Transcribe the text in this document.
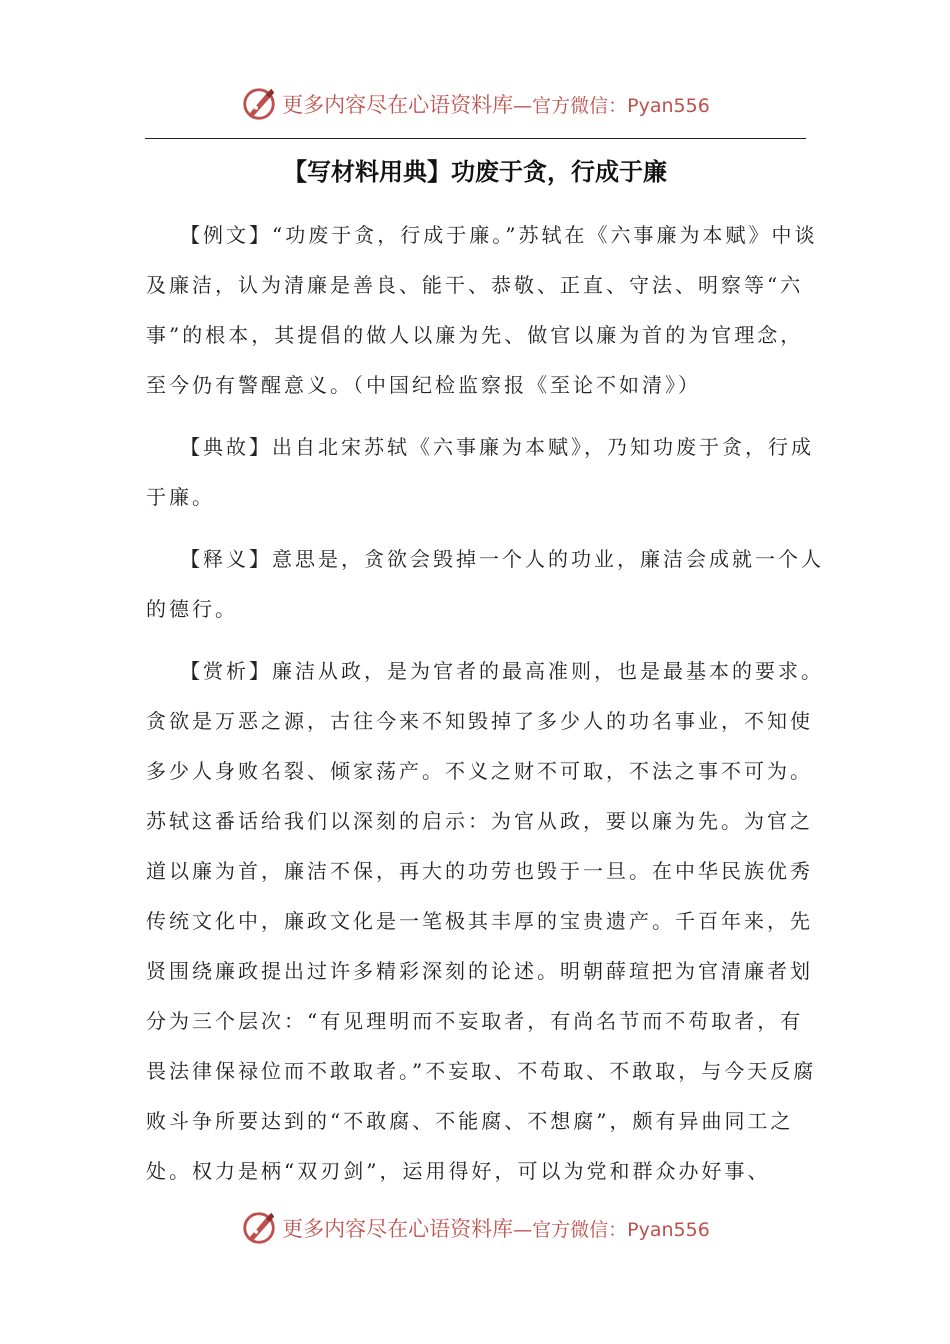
更多内容尽在心语资料库 —官方微信：Pyan556
【写材料用典】功废于贪，行成于廉

【例文】“功废于贪，行成于廉。”苏轼在《六事廉为本赋》中谈及廉洁，认为清廉是善良、能干、恭敬、正直、守法、明察等“六事”的根本，其提倡的做人以廉为先、做官以廉为首的为官理念，至今仍有警醒意义。（中国纪检监察报《至论不如清》）

【典故】出自北宋苏轼《六事廉为本赋》，乃知功废于贪，行成于廉。

【释义】意思是，贪欲会毁掉一个人的功业，廉洁会成就一个人的德行。

【赏析】廉洁从政，是为官者的最高准则，也是最基本的要求。贪欲是万恶之源，古往今来不知毁掉了多少人的功名事业，不知使多少人身败名裂、倾家荡产。不义之财不可取，不法之事不可为。苏轼这番话给我们以深刻的启示：为官从政，要以廉为先。为官之道以廉为首，廉洁不保，再大的功劳也毁于一旦。在中华民族优秀传统文化中，廉政文化是一笔极其丰厚的宝贵遗产。千百年来，先贤围绕廉政提出过许多精彩深刻的论述。明朝薛瑄把为官清廉者划分为三个层次：“有见理明而不妄取者，有尚名节而不苟取者，有畏法律保禄位而不敢取者。”不妄取、不苟取、不敢取，与今天反腐败斗争所要达到的“不敢腐、不能腐、不想腐”，颇有异曲同工之处。权力是柄“双刃剑”，运用得好，可以为党和群众办好事、

更多内容尽在心语资料库 —官方微信：Pyan556
